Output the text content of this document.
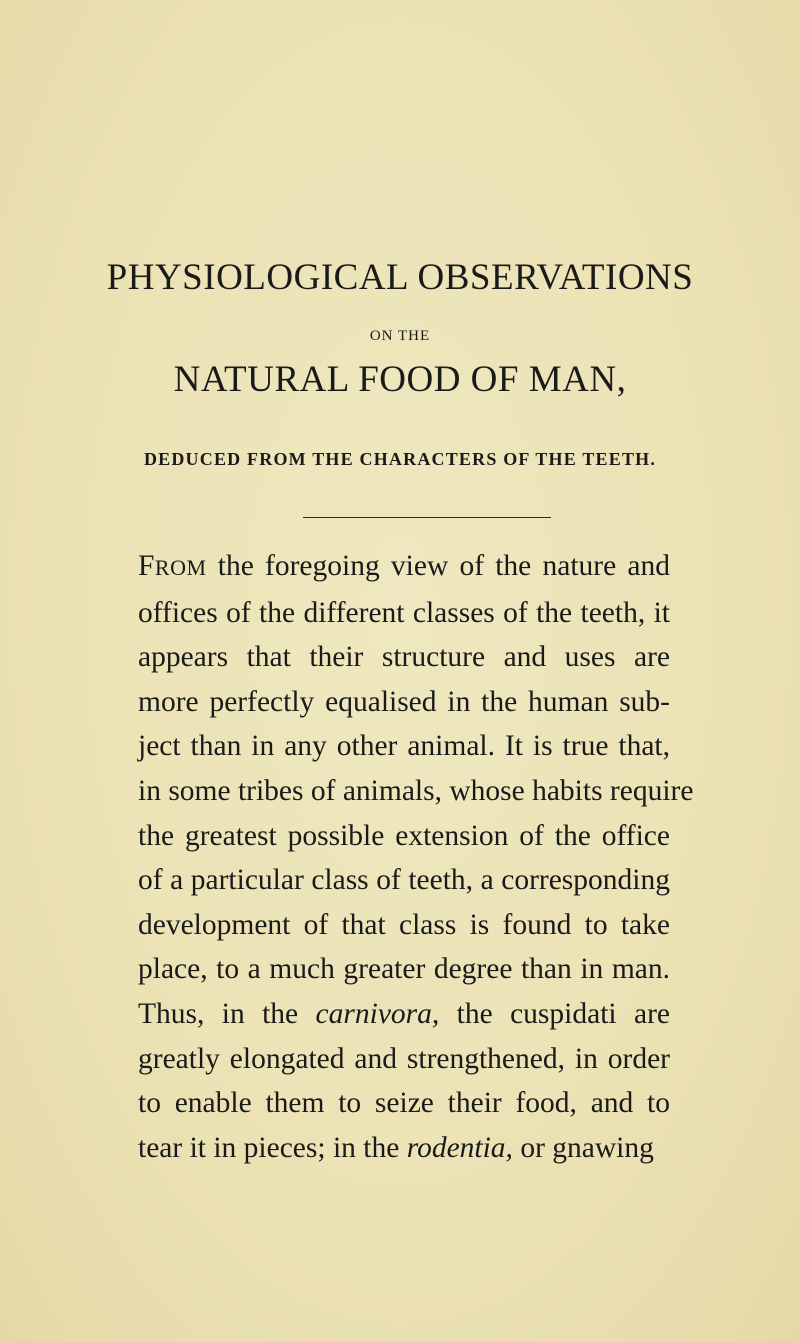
PHYSIOLOGICAL OBSERVATIONS
ON THE
NATURAL FOOD OF MAN,
DEDUCED FROM THE CHARACTERS OF THE TEETH.
FROM the foregoing view of the nature and
offices of the different classes of the teeth, it
appears that their structure and uses are
more perfectly equalised in the human sub-
ject than in any other animal. It is true that,
in some tribes of animals, whose habits require
the greatest possible extension of the office
of a particular class of teeth, a corresponding
development of that class is found to take
place, to a much greater degree than in man.
Thus, in the carnivora, the cuspidati are
greatly elongated and strengthened, in order
to enable them to seize their food, and to
tear it in pieces; in the rodentia, or gnawing
